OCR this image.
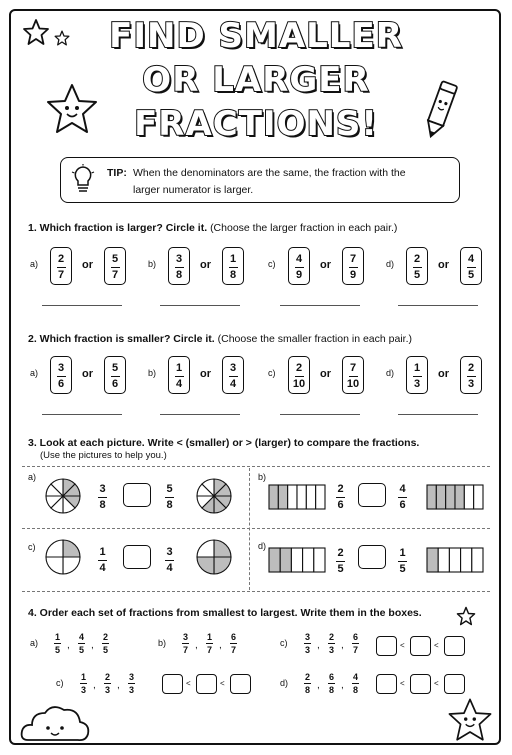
FIND SMALLER
OR LARGER
FRACTIONS!
TIP: When the denominators are the same, the fraction with the
larger numerator is larger.
1. Which fraction is larger? Circle it. (Choose the larger fraction in each pair.)
a) 2
7
or 5
7
b) 3
8
or 1
8
c) 4
9
or 7
9
d) 2
5
or 4
5
2. Which fraction is smaller? Circle it. (Choose the smaller fraction in each pair.)
a) 3
6
or 5
6
b) 1
4
or 3
4
c) 2
10
or 7
10
d) 1
3
or 2
3
3. Look at each picture. Write < (smaller) or > (larger) to compare the fractions.
(Use the pictures to help you.)
a)
3
8
5
8
b)
2
6
4
6
c)	1
4
3
4
d)
2
5
1
5
4. Order each set of fractions from smallest to largest. Write them in the boxes.
a)
1
5 ,
4
5 ,
2
5
b)
3
7 ,
1
7 ,
6
7
c)
3
3 ,
2
3 ,
6
7	<	<
c)
1
3 ,
2
3 ,
3
3
<	<	d)
2
8 ,
6
8 ,
4
8
<	<
